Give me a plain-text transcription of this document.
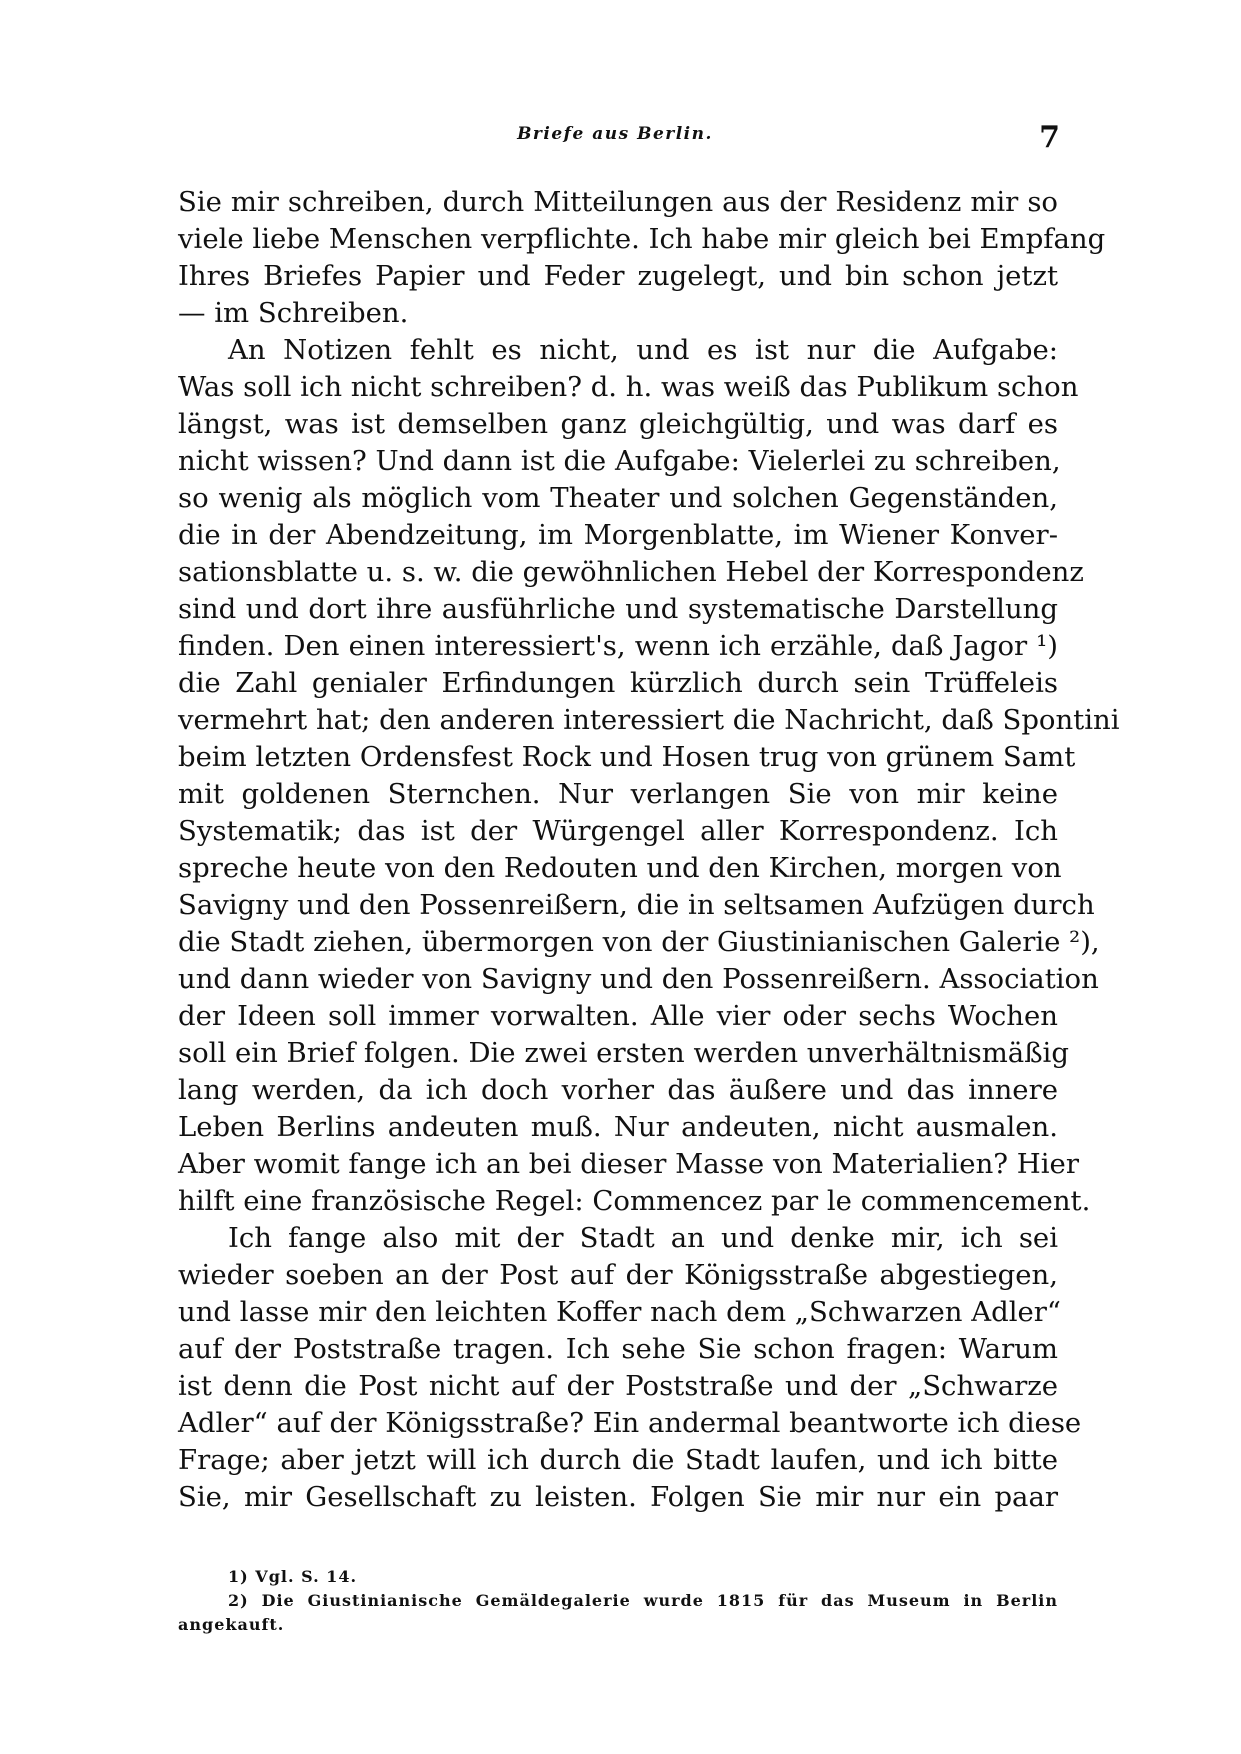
Briefe aus Berlin.	7
Sie mir schreiben, durch Mitteilungen aus der Residenz mir so
viele liebe Menschen verpflichte. Ich habe mir gleich bei Empfang
Ihres Briefes Papier und Feder zugelegt, und bin schon jetzt
— im Schreiben.
An Notizen fehlt es nicht, und es ist nur die Aufgabe:
Was soll ich nicht schreiben? d. h. was weiß das Publikum schon
längst, was ist demselben ganz gleichgültig, und was darf es
nicht wissen? Und dann ist die Aufgabe: Vielerlei zu schreiben,
so wenig als möglich vom Theater und solchen Gegenständen,
die in der Abendzeitung, im Morgenblatte, im Wiener Konver-
sationsblatte u. s. w. die gewöhnlichen Hebel der Korrespondenz
sind und dort ihre ausführliche und systematische Darstellung
finden. Den einen interessiert's, wenn ich erzähle, daß Jagor ¹)
die Zahl genialer Erfindungen kürzlich durch sein Trüffeleis
vermehrt hat; den anderen interessiert die Nachricht, daß Spontini
beim letzten Ordensfest Rock und Hosen trug von grünem Samt
mit goldenen Sternchen. Nur verlangen Sie von mir keine
Systematik; das ist der Würgengel aller Korrespondenz. Ich
spreche heute von den Redouten und den Kirchen, morgen von
Savigny und den Possenreißern, die in seltsamen Aufzügen durch
die Stadt ziehen, übermorgen von der Giustinianischen Galerie ²),
und dann wieder von Savigny und den Possenreißern. Association
der Ideen soll immer vorwalten. Alle vier oder sechs Wochen
soll ein Brief folgen. Die zwei ersten werden unverhältnismäßig
lang werden, da ich doch vorher das äußere und das innere
Leben Berlins andeuten muß. Nur andeuten, nicht ausmalen.
Aber womit fange ich an bei dieser Masse von Materialien? Hier
hilft eine französische Regel: Commencez par le commencement.
Ich fange also mit der Stadt an und denke mir, ich sei
wieder soeben an der Post auf der Königsstraße abgestiegen,
und lasse mir den leichten Koffer nach dem „Schwarzen Adler“
auf der Poststraße tragen. Ich sehe Sie schon fragen: Warum
ist denn die Post nicht auf der Poststraße und der „Schwarze
Adler“ auf der Königsstraße? Ein andermal beantworte ich diese
Frage; aber jetzt will ich durch die Stadt laufen, und ich bitte
Sie, mir Gesellschaft zu leisten. Folgen Sie mir nur ein paar
1) Vgl. S. 14.
2) Die Giustinianische Gemäldegalerie wurde 1815 für das Museum in Berlin
angekauft.
